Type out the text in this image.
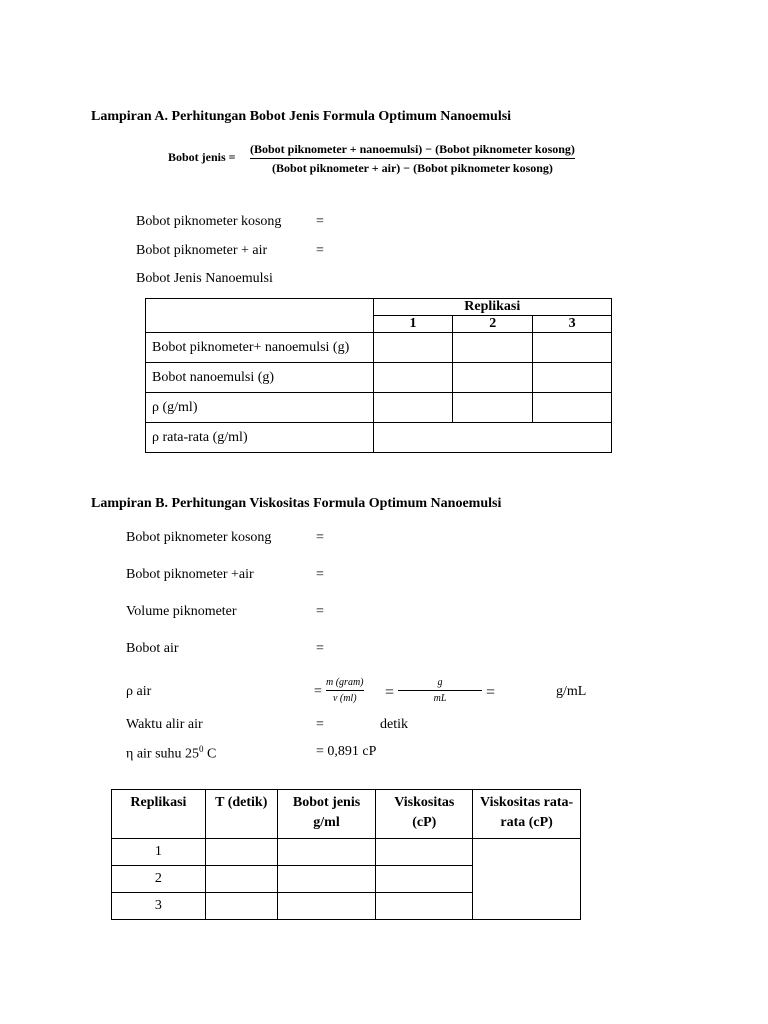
Lampiran A. Perhitungan Bobot Jenis Formula Optimum Nanoemulsi
Bobot jenis =
(Bobot piknometer + nanoemulsi) − (Bobot piknometer kosong)
(Bobot piknometer + air) − (Bobot piknometer kosong)
Bobot piknometer kosong =
Bobot piknometer + air	=
Bobot Jenis Nanoemulsi
	Replikasi		
	1	2	3
Bobot piknometer+ nanoemulsi (g)			
Bobot nanoemulsi (g)			
ρ (g/ml)			
ρ rata-rata (g/ml)			
Lampiran B. Perhitungan Viskositas Formula Optimum Nanoemulsi
Bobot piknometer kosong	=
Bobot piknometer +air	=
Volume piknometer	=
Bobot air	=
ρ air	=
m (gram)
v (ml) =
g
mL =	g/mL
Waktu alir air	=	detik
η air suhu $25^0$ C	= 0,891 cP
Replikasi	T (detik)	Bobot jenis g/ml	Viskositas (cP)	Viskositas rata-rata (cP)
1				
2				
3				
